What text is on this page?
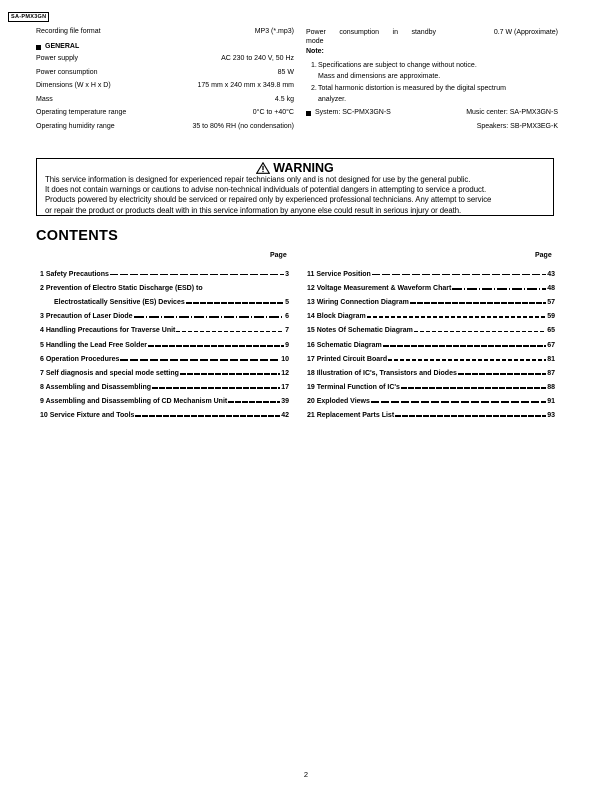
SA-PMX3GN
Recording file format	MP3 (*.mp3)
GENERAL
Power supply	AC 230 to 240 V, 50 Hz
Power consumption	85 W
Dimensions (W x H x D)	175 mm x 240 mm x 349.8 mm
Mass	4.5 kg
Operating temperature range	0°C to +40°C
Operating humidity range	35 to 80% RH (no condensation)
Power consumption in standby	0.7 W (Approximate)
mode
Note:
1. Specifications are subject to change without notice.
Mass and dimensions are approximate.
2. Total harmonic distortion is measured by the digital spectrum
analyzer.
System: SC-PMX3GN-S	Music center: SA-PMX3GN-S
Speakers: SB-PMX3EG-K
WARNING
This service information is designed for experienced repair technicians only and is not designed for use by the general public.
It does not contain warnings or cautions to advise non-technical individuals of potential dangers in attempting to service a product.
Products powered by electricity should be serviced or repaired only by experienced professional technicians. Any attempt to service
or repair the product or products dealt with in this service information by anyone else could result in serious injury or death.
CONTENTS
Page	Page
1 Safety Precautions	3
2 Prevention of Electro Static Discharge (ESD) to
Electrostatically Sensitive (ES) Devices	5
3 Precaution of Laser Diode	6
4 Handling Precautions for Traverse Unit	7
5 Handling the Lead Free Solder	9
6 Operation Procedures	10
7 Self diagnosis and special mode setting	12
8 Assembling and Disassembling	17
9 Assembling and Disassembling of CD Mechanism Unit	39
10 Service Fixture and Tools	42
11 Service Position	43
12 Voltage Measurement & Waveform Chart	48
13 Wiring Connection Diagram	57
14 Block Diagram	59
15 Notes Of Schematic Diagram	65
16 Schematic Diagram	67
17 Printed Circuit Board	81
18 Illustration of IC's, Transistors and Diodes	87
19 Terminal Function of IC's	88
20 Exploded Views	91
21 Replacement Parts List	93
2
